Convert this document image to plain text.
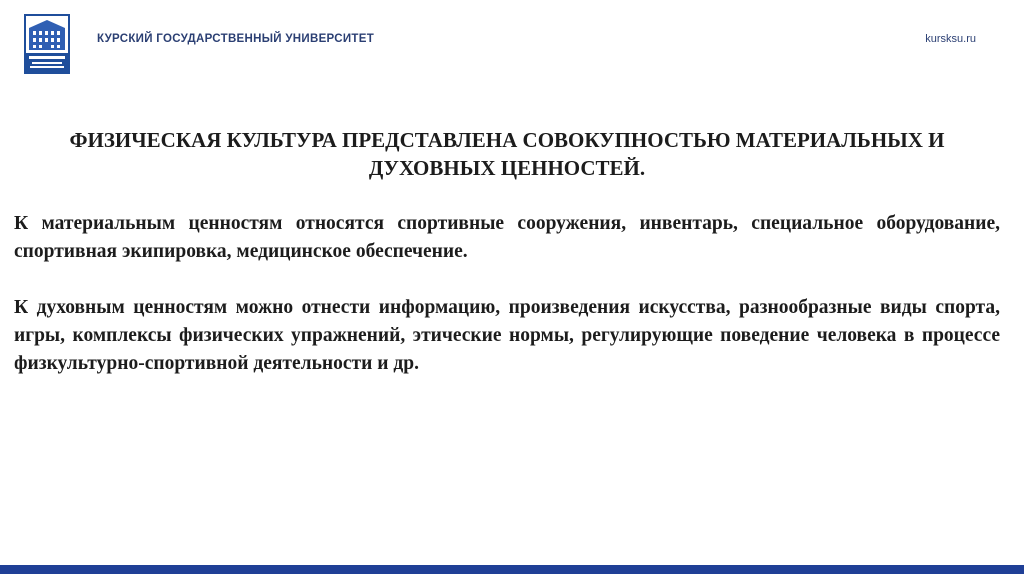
КУРСКИЙ ГОСУДАРСТВЕННЫЙ УНИВЕРСИТЕТ	kursksu.ru

ФИЗИЧЕСКАЯ КУЛЬТУРА ПРЕДСТАВЛЕНА СОВОКУПНОСТЬЮ МАТЕРИАЛЬНЫХ И ДУХОВНЫХ ЦЕННОСТЕЙ.

К материальным ценностям относятся спортивные сооружения, инвентарь, специальное оборудование, спортивная экипировка, медицинское обеспечение.

К духовным ценностям можно отнести информацию, произведения искусства, разнообразные виды спорта, игры, комплексы физических упражнений, этические нормы, регулирующие поведение человека в процессе физкультурно-спортивной деятельности и др.
